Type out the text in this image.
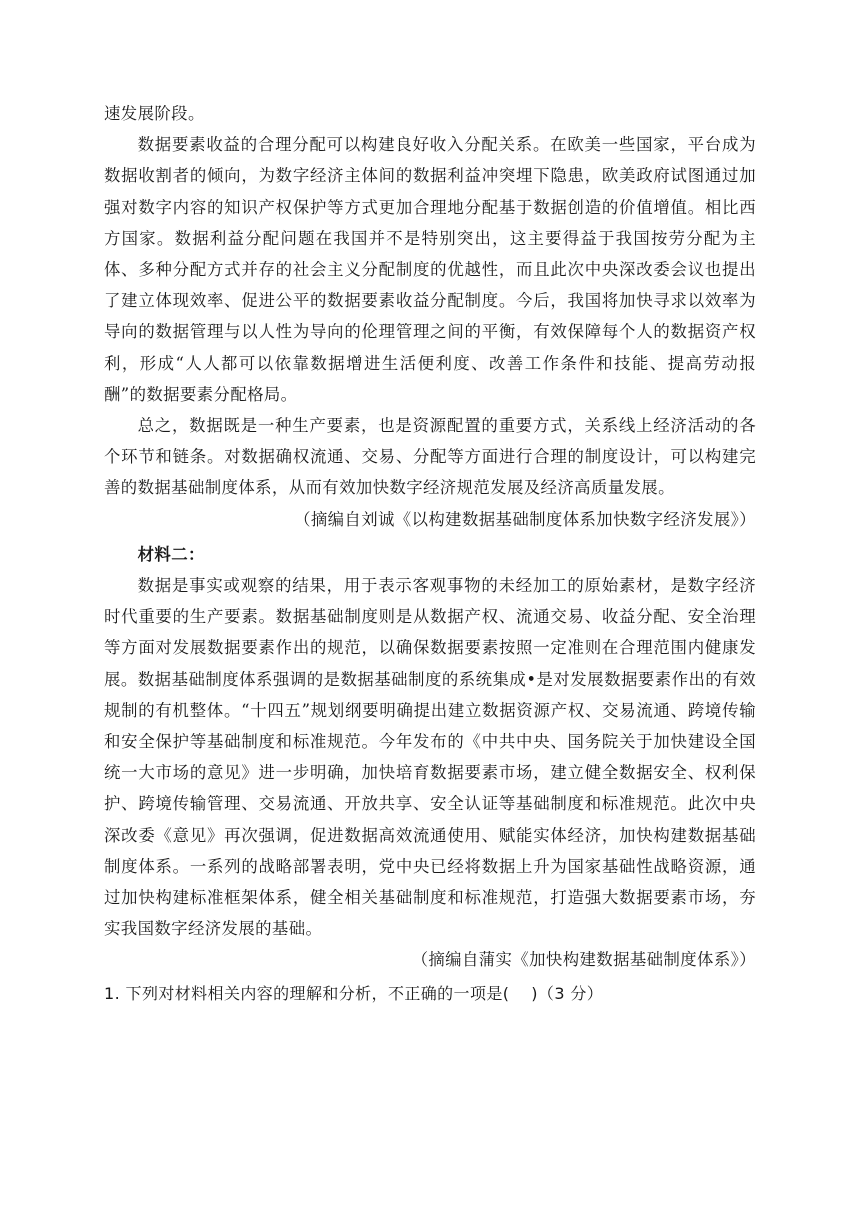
速发展阶段。

数据要素收益的合理分配可以构建良好收入分配关系。在欧美一些国家，平台成为数据收割者的倾向，为数字经济主体间的数据利益冲突埋下隐患，欧美政府试图通过加强对数字内容的知识产权保护等方式更加合理地分配基于数据创造的价值增值。相比西方国家。数据利益分配问题在我国并不是特别突出，这主要得益于我国按劳分配为主体、多种分配方式并存的社会主义分配制度的优越性，而且此次中央深改委会议也提出了建立体现效率、促进公平的数据要素收益分配制度。今后，我国将加快寻求以效率为导向的数据管理与以人性为导向的伦理管理之间的平衡，有效保障每个人的数据资产权利，形成“人人都可以依靠数据增进生活便利度、改善工作条件和技能、提高劳动报酬”的数据要素分配格局。

总之，数据既是一种生产要素，也是资源配置的重要方式，关系线上经济活动的各个环节和链条。对数据确权流通、交易、分配等方面进行合理的制度设计，可以构建完善的数据基础制度体系，从而有效加快数字经济规范发展及经济高质量发展。

（摘编自刘诚《以构建数据基础制度体系加快数字经济发展》）

材料二：

数据是事实或观察的结果，用于表示客观事物的未经加工的原始素材，是数字经济时代重要的生产要素。数据基础制度则是从数据产权、流通交易、收益分配、安全治理等方面对发展数据要素作出的规范，以确保数据要素按照一定准则在合理范围内健康发展。数据基础制度体系强调的是数据基础制度的系统集成•是对发展数据要素作出的有效规制的有机整体。“十四五”规划纲要明确提出建立数据资源产权、交易流通、跨境传输和安全保护等基础制度和标准规范。今年发布的《中共中央、国务院关于加快建设全国统一大市场的意见》进一步明确，加快培育数据要素市场，建立健全数据安全、权利保护、跨境传输管理、交易流通、开放共享、安全认证等基础制度和标准规范。此次中央深改委《意见》再次强调，促进数据高效流通使用、赋能实体经济，加快构建数据基础制度体系。一系列的战略部署表明，党中央已经将数据上升为国家基础性战略资源，通过加快构建标准框架体系，健全相关基础制度和标准规范，打造强大数据要素市场，夯实我国数字经济发展的基础。

（摘编自蒲实《加快构建数据基础制度体系》）

1. 下列对材料相关内容的理解和分析，不正确的一项是(　 )（3 分）
